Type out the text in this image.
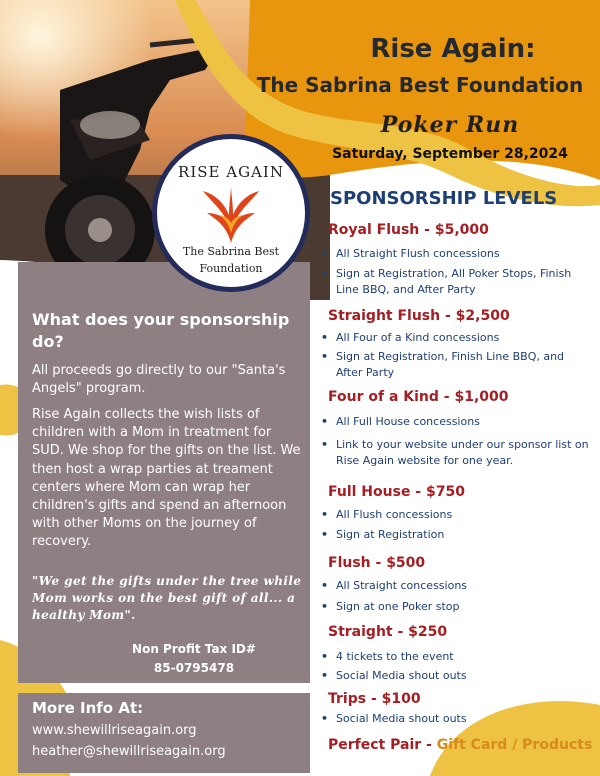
Rise Again:
The Sabrina Best Foundation
Poker Run
Saturday, September 28,2024
What does your sponsorship do?
All proceeds go directly to our "Santa's Angels" program.
Rise Again collects the wish lists of children with a Mom in treatment for SUD. We shop for the gifts on the list. We then host a wrap parties at treament centers where Mom can wrap her children's gifts and spend an afternoon with other Moms on the journey of recovery.
"We get the gifts under the tree while Mom works on the best gift of all... a healthy Mom".
Non Profit Tax ID#
85-0795478
RISE AGAIN
The Sabrina Best
Foundation
More Info At:
www.shewillriseagain.org
heather@shewillriseagain.org
SPONSORSHIP LEVELS
Royal Flush - $5,000
• All Straight Flush concessions
• Sign at Registration, All Poker Stops, Finish Line BBQ, and After Party
Straight Flush - $2,500
• All Four of a Kind concessions
• Sign at Registration, Finish Line BBQ, and After Party
Four of a Kind - $1,000
• All Full House concessions
• Link to your website under our sponsor list on Rise Again website for one year.
Full House - $750
• All Flush concessions
• Sign at Registration
Flush - $500
• All Straight concessions
• Sign at one Poker stop
Straight - $250
• 4 tickets to the event
• Social Media shout outs
Trips - $100
• Social Media shout outs
Perfect Pair - Gift Card / Products
